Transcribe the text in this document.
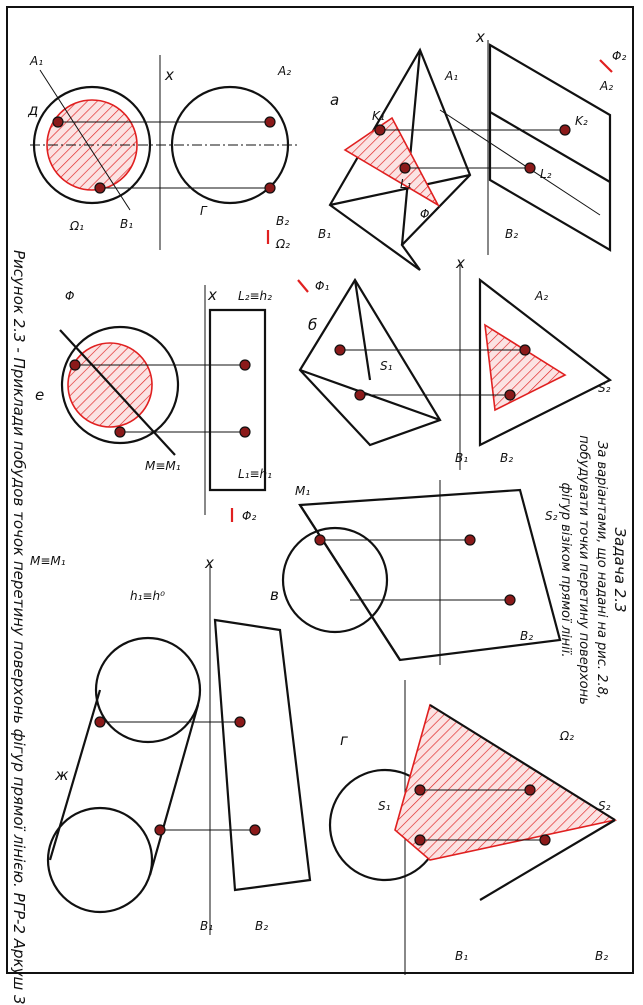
x
a
K₁
L₁
K₂
L₂
A₁
A₂
B₁	B₂
Φ
Φ₂
x
б
Φ₁
S₂
S₁
B₁	B₂
A₂
в
S₂
B₂
M₁
г
S₂
S₁
Ω₂
B₂
B₁
x
д
A₁
A₂
B₁	B₂
Ω₁
Ω₂
Г
x
е
Φ
Φ₂
L₂≡h₂
M≡M₁
L₁≡h₁
x
ж
M≡M₁
h₁≡h⁰
B₂
B₁
Задача 2.3
За варіантами, що надані на рис. 2.8,
побудувати точки перетину поверхонь
фігур візіком прямої лінії.
Рисунок 2.3 - Приклади побудов точок перетину поверхонь фігур прямої лінією. РГР-2 Аркуш 3
